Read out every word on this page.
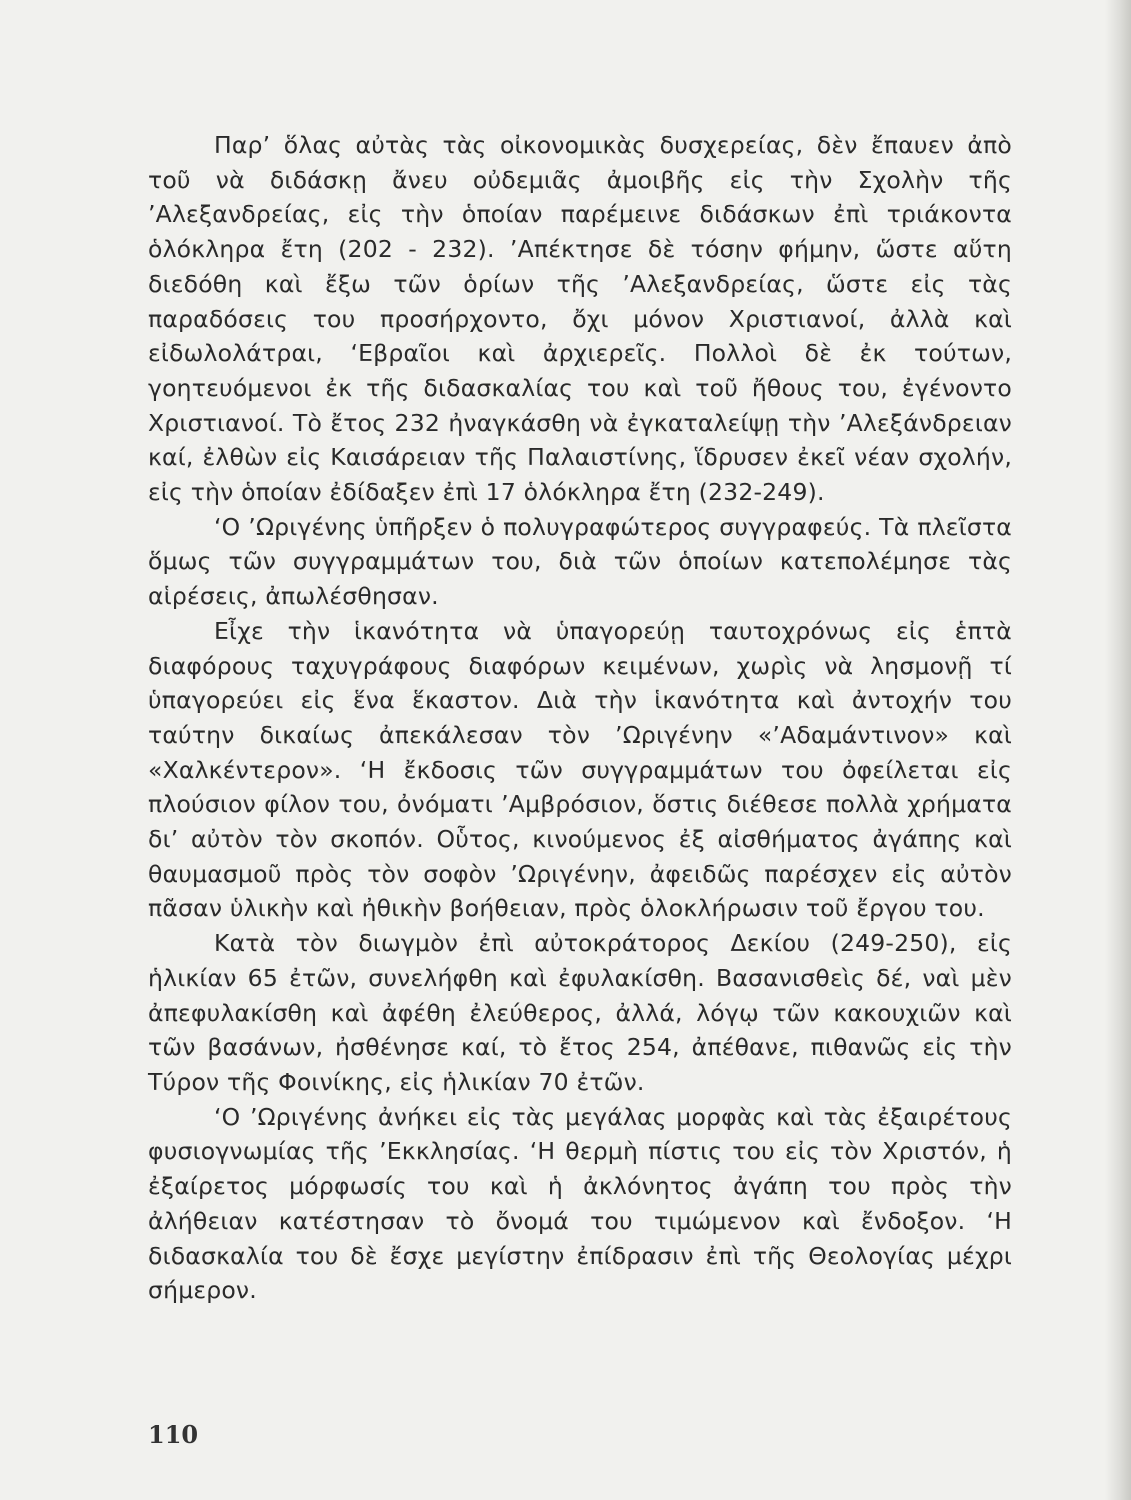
Παρ’ ὅλας αὐτὰς τὰς οἰκονομικὰς δυσχερείας, δὲν ἔπαυεν ἀπὸ τοῦ νὰ διδάσκῃ ἄνευ οὐδεμιᾶς ἀμοιβῆς εἰς τὴν Σχολὴν τῆς ’Αλεξανδρείας, εἰς τὴν ὁποίαν παρέμεινε διδάσκων ἐπὶ τριάκοντα ὁλόκληρα ἔτη (202 - 232). ’Απέκτησε δὲ τόσην φήμην, ὥστε αὕτη διεδόθη καὶ ἔξω τῶν ὁρίων τῆς ’Αλεξανδρείας, ὥστε εἰς τὰς παραδόσεις του προσήρχοντο, ὄχι μόνον Χριστιανοί, ἀλλὰ καὶ εἰδωλολάτραι, ‘Εβραῖοι καὶ ἀρχιερεῖς. Πολλοὶ δὲ ἐκ τούτων, γοητευόμενοι ἐκ τῆς διδασκαλίας του καὶ τοῦ ἤθους του, ἐγένοντο Χριστιανοί. Τὸ ἔτος 232 ἠναγκάσθη νὰ ἐγκαταλείψῃ τὴν ’Αλεξάνδρειαν καί, ἐλθὼν εἰς Καισάρειαν τῆς Παλαιστίνης, ἵδρυσεν ἐκεῖ νέαν σχολήν, εἰς τὴν ὁποίαν ἐδίδαξεν ἐπὶ 17 ὁλόκληρα ἔτη (232-249).

‘Ο ’Ωριγένης ὑπῆρξεν ὁ πολυγραφώτερος συγγραφεύς. Τὰ πλεῖστα ὅμως τῶν συγγραμμάτων του, διὰ τῶν ὁποίων κατεπολέμησε τὰς αἱρέσεις, ἀπωλέσθησαν.

Εἶχε τὴν ἱκανότητα νὰ ὑπαγορεύῃ ταυτοχρόνως εἰς ἑπτὰ διαφόρους ταχυγράφους διαφόρων κειμένων, χωρὶς νὰ λησμονῇ τί ὑπαγορεύει εἰς ἕνα ἕκαστον. Διὰ τὴν ἱκανότητα καὶ ἀντοχήν του ταύτην δικαίως ἀπεκάλεσαν τὸν ’Ωριγένην «’Αδαμάντινον» καὶ «Χαλκέντερον». ‘Η ἔκδοσις τῶν συγγραμμάτων του ὀφείλεται εἰς πλούσιον φίλον του, ὀνόματι ’Αμβρόσιον, ὅστις διέθεσε πολλὰ χρήματα δι’ αὐτὸν τὸν σκοπόν. Οὗτος, κινούμενος ἐξ αἰσθήματος ἀγάπης καὶ θαυμασμοῦ πρὸς τὸν σοφὸν ’Ωριγένην, ἀφειδῶς παρέσχεν εἰς αὐτὸν πᾶσαν ὑλικὴν καὶ ἠθικὴν βοήθειαν, πρὸς ὁλοκλήρωσιν τοῦ ἔργου του.

Κατὰ τὸν διωγμὸν ἐπὶ αὐτοκράτορος Δεκίου (249-250), εἰς ἡλικίαν 65 ἐτῶν, συνελήφθη καὶ ἐφυλακίσθη. Βασανισθεὶς δέ, ναὶ μὲν ἀπεφυλακίσθη καὶ ἀφέθη ἐλεύθερος, ἀλλά, λόγῳ τῶν κακουχιῶν καὶ τῶν βασάνων, ἠσθένησε καί, τὸ ἔτος 254, ἀπέθανε, πιθανῶς εἰς τὴν Τύρον τῆς Φοινίκης, εἰς ἡλικίαν 70 ἐτῶν.

‘Ο ’Ωριγένης ἀνήκει εἰς τὰς μεγάλας μορφὰς καὶ τὰς ἐξαιρέτους φυσιογνωμίας τῆς ’Εκκλησίας. ‘Η θερμὴ πίστις του εἰς τὸν Χριστόν, ἡ ἐξαίρετος μόρφωσίς του καὶ ἡ ἀκλόνητος ἀγάπη του πρὸς τὴν ἀλήθειαν κατέστησαν τὸ ὄνομά του τιμώμενον καὶ ἔνδοξον. ‘Η διδασκαλία του δὲ ἔσχε μεγίστην ἐπίδρασιν ἐπὶ τῆς Θεολογίας μέχρι σήμερον.

110
